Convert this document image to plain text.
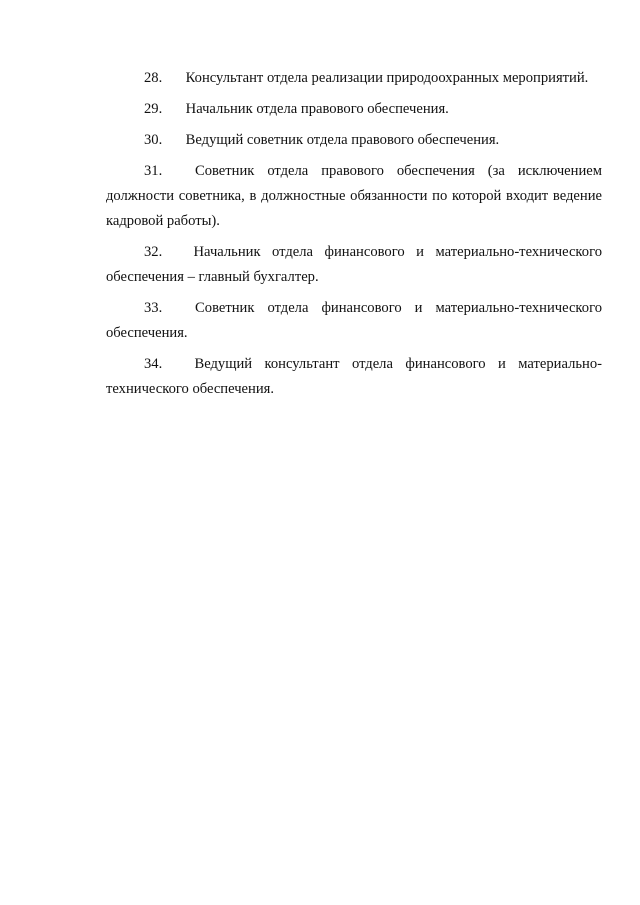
28. Консультант отдела реализации природоохранных мероприятий.

29. Начальник отдела правового обеспечения.

30. Ведущий советник отдела правового обеспечения.

31. Советник отдела правового обеспечения (за исключением должности советника, в должностные обязанности по которой входит ведение кадровой работы).

32. Начальник отдела финансового и материально-технического обеспечения – главный бухгалтер.

33. Советник отдела финансового и материально-технического обеспечения.

34. Ведущий консультант отдела финансового и материально-технического обеспечения.
